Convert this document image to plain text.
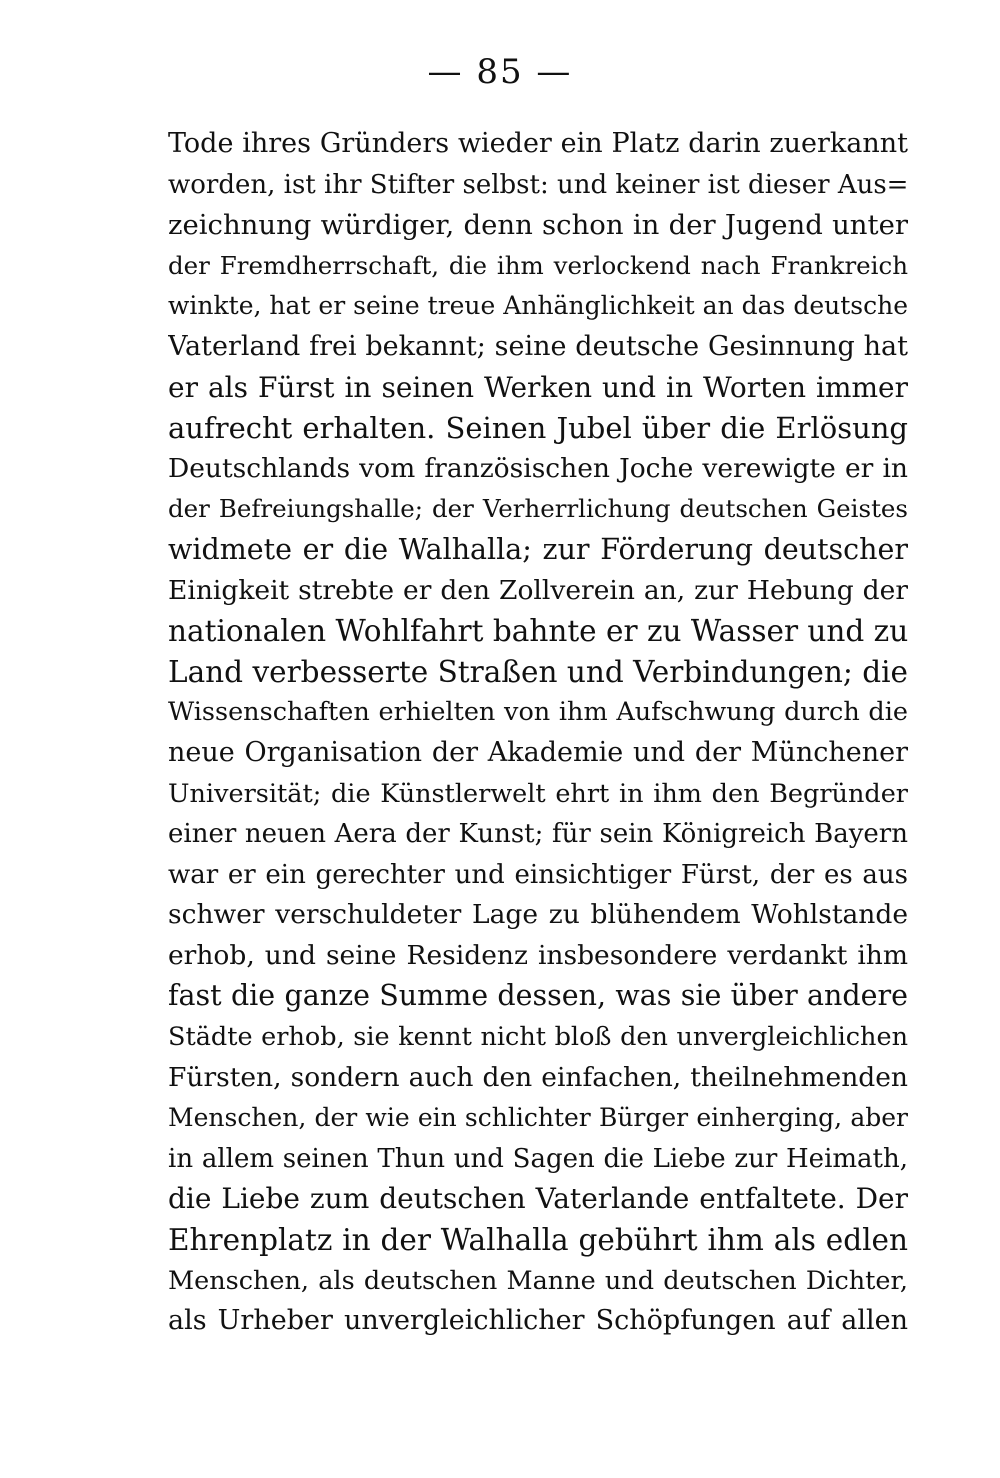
— 85 —
Tode ihres Gründers wieder ein Platz darin zuerkannt
worden, ist ihr Stifter selbst: und keiner ist dieser Aus=
zeichnung würdiger, denn schon in der Jugend unter
der Fremdherrschaft, die ihm verlockend nach Frankreich
winkte, hat er seine treue Anhänglichkeit an das deutsche
Vaterland frei bekannt; seine deutsche Gesinnung hat
er als Fürst in seinen Werken und in Worten immer
aufrecht erhalten. Seinen Jubel über die Erlösung
Deutschlands vom französischen Joche verewigte er in
der Befreiungshalle; der Verherrlichung deutschen Geistes
widmete er die Walhalla; zur Förderung deutscher
Einigkeit strebte er den Zollverein an, zur Hebung der
nationalen Wohlfahrt bahnte er zu Wasser und zu
Land verbesserte Straßen und Verbindungen; die
Wissenschaften erhielten von ihm Aufschwung durch die
neue Organisation der Akademie und der Münchener
Universität; die Künstlerwelt ehrt in ihm den Begründer
einer neuen Aera der Kunst; für sein Königreich Bayern
war er ein gerechter und einsichtiger Fürst, der es aus
schwer verschuldeter Lage zu blühendem Wohlstande
erhob, und seine Residenz insbesondere verdankt ihm
fast die ganze Summe dessen, was sie über andere
Städte erhob, sie kennt nicht bloß den unvergleichlichen
Fürsten, sondern auch den einfachen, theilnehmenden
Menschen, der wie ein schlichter Bürger einherging, aber
in allem seinen Thun und Sagen die Liebe zur Heimath,
die Liebe zum deutschen Vaterlande entfaltete. Der
Ehrenplatz in der Walhalla gebührt ihm als edlen
Menschen, als deutschen Manne und deutschen Dichter,
als Urheber unvergleichlicher Schöpfungen auf allen
